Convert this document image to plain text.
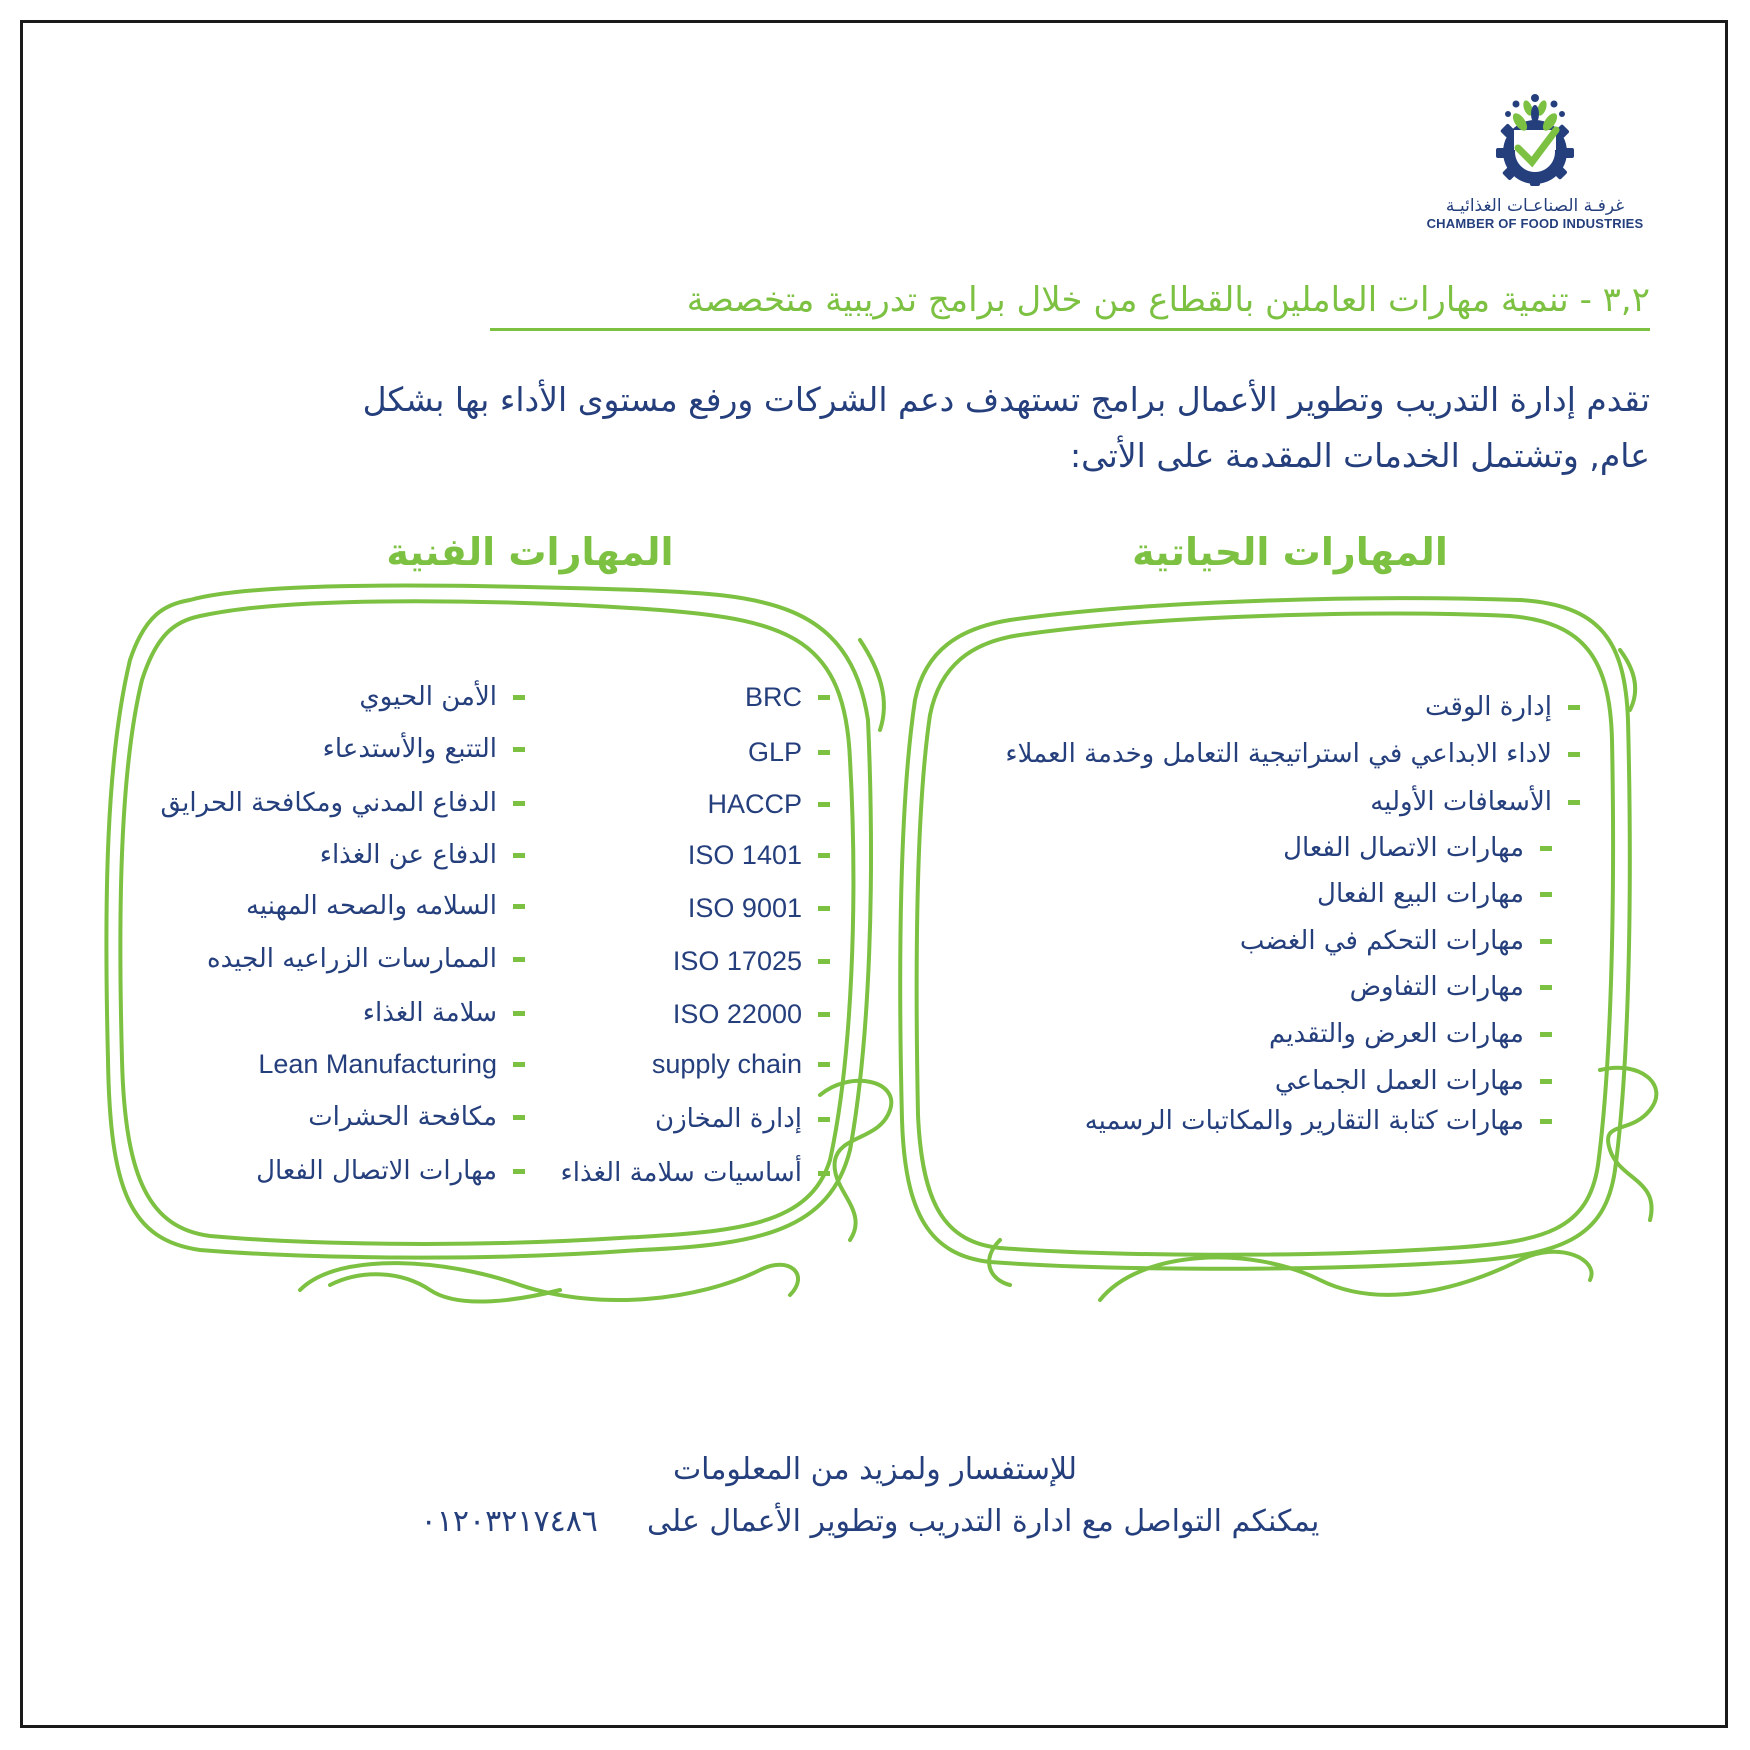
غرفـة الصناعـات الغذائيـة
CHAMBER OF FOOD INDUSTRIES
٣,٢ - تنمية مهارات العاملين بالقطاع من خلال برامج تدريبية متخصصة
تقدم إدارة التدريب وتطوير الأعمال برامج تستهدف دعم الشركات ورفع مستوى الأداء بها بشكل
عام, وتشتمل الخدمات المقدمة على الأتى:
المهارات الحياتية
المهارات الفنية
إدارة الوقت
لاداء الابداعي في استراتيجية التعامل وخدمة العملاء
الأسعافات الأوليه
مهارات الاتصال الفعال
مهارات البيع الفعال
مهارات التحكم في الغضب
مهارات التفاوض
مهارات العرض والتقديم
مهارات العمل الجماعي
مهارات كتابة التقارير والمكاتبات الرسميه
BRC
GLP
HACCP
ISO 1401
ISO 9001
ISO 17025
ISO 22000
supply chain
إدارة المخازن
أساسيات سلامة الغذاء
الأمن الحيوي
التتبع والأستدعاء
الدفاع المدني ومكافحة الحرايق
الدفاع عن الغذاء
السلامه والصحه المهنيه
الممارسات الزراعيه الجيده
سلامة الغذاء
Lean Manufacturing
مكافحة الحشرات
مهارات الاتصال الفعال
للإستفسار ولمزيد من المعلومات
يمكنكم التواصل مع ادارة التدريب وتطوير الأعمال على  ٠١٢٠٣٢١٧٤٨٦
